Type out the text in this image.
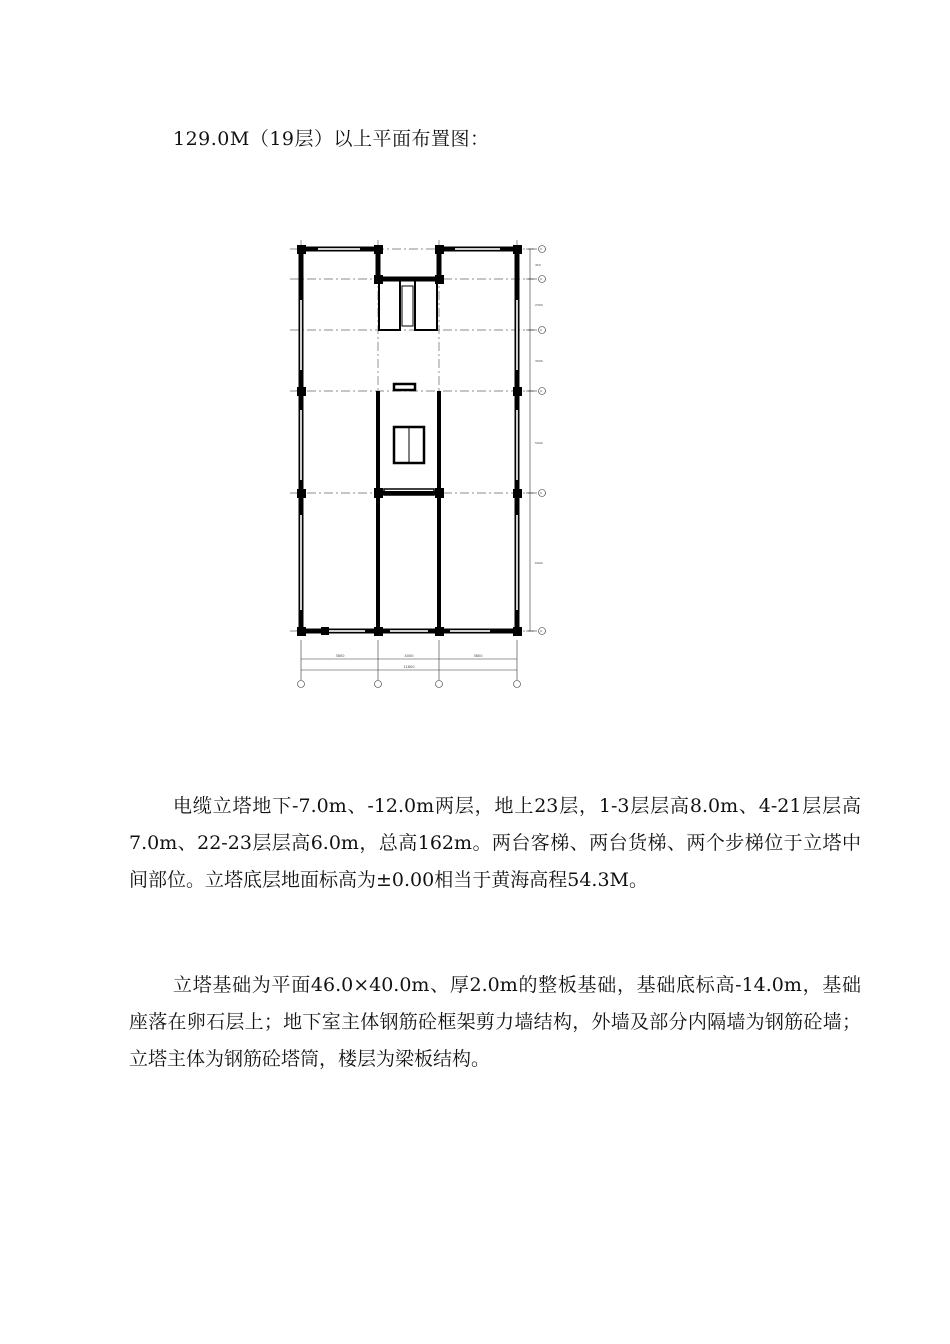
129.0M（19层）以上平面布置图：
450
2300
3000
5000
6900
3800	4000	3800
11600

电缆立塔地下-7.0m、-12.0m两层，地上23层，1-3层层高8.0m、4-21层层高7.0m、22-23层层高6.0m，总高162m。两台客梯、两台货梯、两个步梯位于立塔中间部位。立塔底层地面标高为±0.00相当于黄海高程54.3M。

立塔基础为平面46.0×40.0m、厚2.0m的整板基础，基础底标高-14.0m，基础座落在卵石层上；地下室主体钢筋砼框架剪力墙结构，外墙及部分内隔墙为钢筋砼墙；立塔主体为钢筋砼塔筒，楼层为梁板结构。
